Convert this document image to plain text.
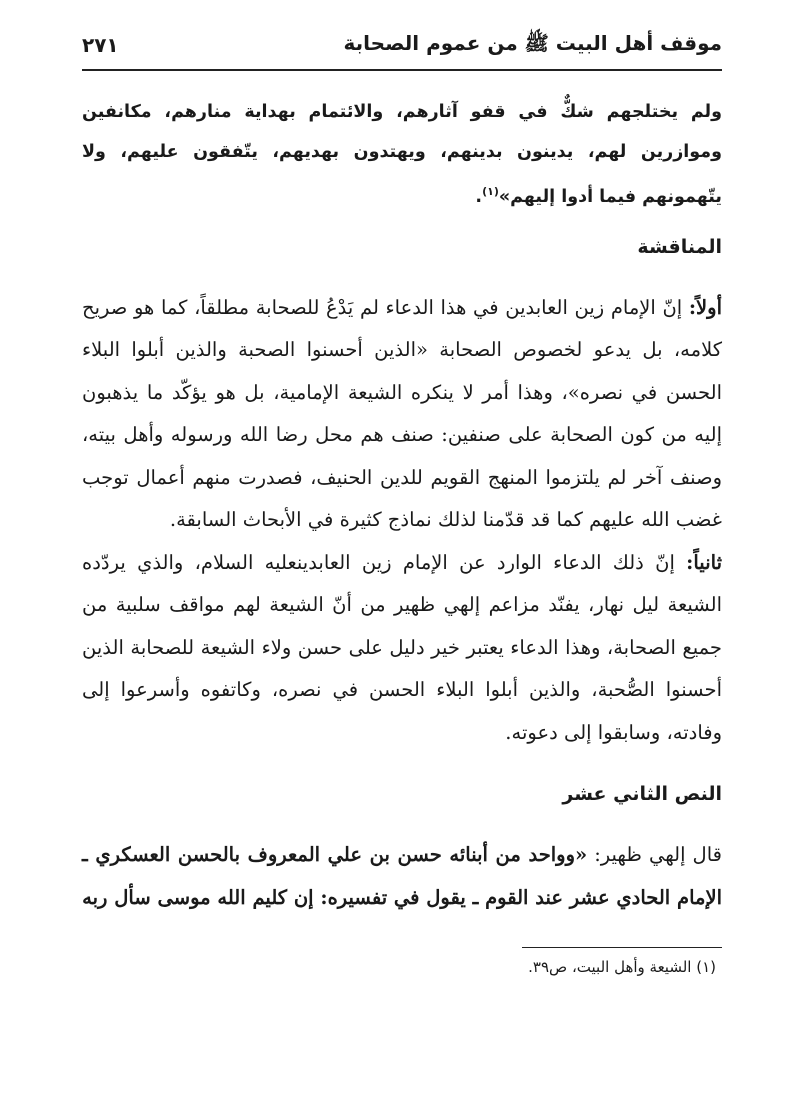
موقف أهل البيت ﷺ من عموم الصحابة
٢٧١

ولم يختلجهم شكٌّ في قفو آثارهم، والائتمام بهداية منارهم، مكانفين وموازرين لهم، يدينون بدينهم، ويهتدون بهديهم، يتّفقون عليهم، ولا يتّهمونهم فيما أدوا إليهم»$^{(١)}$.

المناقشة

أولاً: إنّ الإمام زين العابدين في هذا الدعاء لم يَدْعُ للصحابة مطلقاً، كما هو صريح كلامه، بل يدعو لخصوص الصحابة «الذين أحسنوا الصحبة والذين أبلوا البلاء الحسن في نصره»، وهذا أمر لا ينكره الشيعة الإمامية، بل هو يؤكّد ما يذهبون إليه من كون الصحابة على صنفين: صنف هم محل رضا الله ورسوله وأهل بيته، وصنف آخر لم يلتزموا المنهج القويم للدين الحنيف، فصدرت منهم أعمال توجب غضب الله عليهم كما قد قدّمنا لذلك نماذج كثيرة في الأبحاث السابقة.

ثانياً: إنّ ذلك الدعاء الوارد عن الإمام زين العابدينعليه السلام، والذي يردّده الشيعة ليل نهار، يفنّد مزاعم إلهي ظهير من أنّ الشيعة لهم مواقف سلبية من جميع الصحابة، وهذا الدعاء يعتبر خير دليل على حسن ولاء الشيعة للصحابة الذين أحسنوا الصُّحبة، والذين أبلوا البلاء الحسن في نصره، وكاتفوه وأسرعوا إلى وفادته، وسابقوا إلى دعوته.

النص الثاني عشر

قال إلهي ظهير: «وواحد من أبنائه حسن بن علي المعروف بالحسن العسكري ـ الإمام الحادي عشر عند القوم ـ يقول في تفسيره: إن كليم الله موسى سأل ربه

(١) الشيعة وأهل البيت، ص٣٩.
